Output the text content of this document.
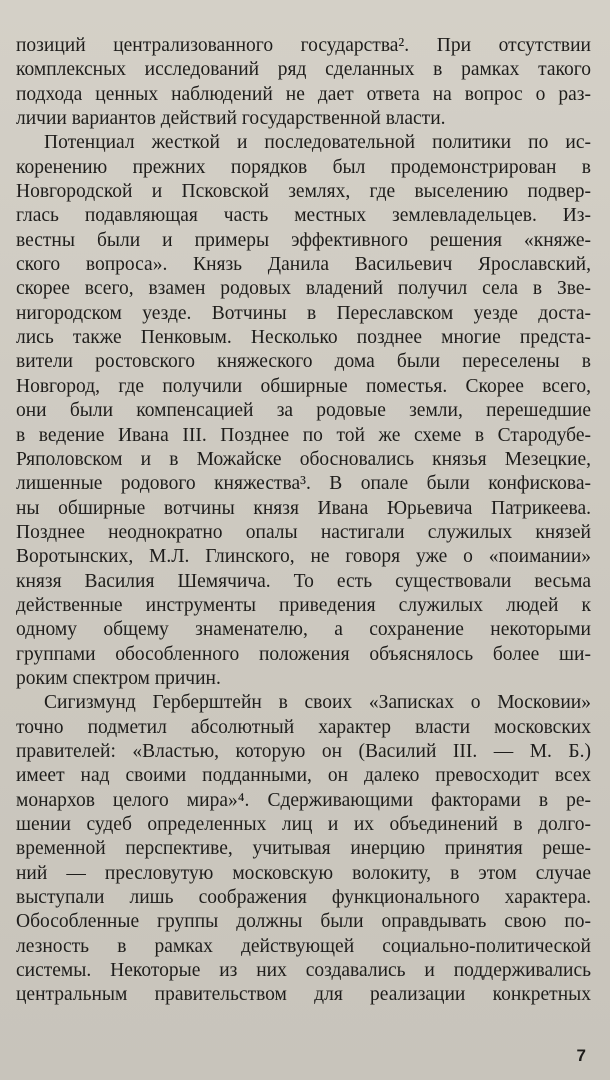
позиций централизованного государства². При отсутствии
комплексных исследований ряд сделанных в рамках такого
подхода ценных наблюдений не дает ответа на вопрос о раз-
личии вариантов действий государственной власти.
Потенциал жесткой и последовательной политики по ис-
коренению прежних порядков был продемонстрирован в
Новгородской и Псковской землях, где выселению подвер-
глась подавляющая часть местных землевладельцев. Из-
вестны были и примеры эффективного решения «княже-
ского вопроса». Князь Данила Васильевич Ярославский,
скорее всего, взамен родовых владений получил села в Зве-
нигородском уезде. Вотчины в Переславском уезде доста-
лись также Пенковым. Несколько позднее многие предста-
вители ростовского княжеского дома были переселены в
Новгород, где получили обширные поместья. Скорее всего,
они были компенсацией за родовые земли, перешедшие
в ведение Ивана III. Позднее по той же схеме в Стародубе-
Ряполовском и в Можайске обосновались князья Мезецкие,
лишенные родового княжества³. В опале были конфискова-
ны обширные вотчины князя Ивана Юрьевича Патрикеева.
Позднее неоднократно опалы настигали служилых князей
Воротынских, М.Л. Глинского, не говоря уже о «поимании»
князя Василия Шемячича. То есть существовали весьма
действенные инструменты приведения служилых людей к
одному общему знаменателю, а сохранение некоторыми
группами обособленного положения объяснялось более ши-
роким спектром причин.
Сигизмунд Герберштейн в своих «Записках о Московии»
точно подметил абсолютный характер власти московских
правителей: «Властью, которую он (Василий III. — М. Б.)
имеет над своими подданными, он далеко превосходит всех
монархов целого мира»⁴. Сдерживающими факторами в ре-
шении судеб определенных лиц и их объединений в долго-
временной перспективе, учитывая инерцию принятия реше-
ний — пресловутую московскую волокиту, в этом случае
выступали лишь соображения функционального характера.
Обособленные группы должны были оправдывать свою по-
лезность в рамках действующей социально-политической
системы. Некоторые из них создавались и поддерживались
центральным правительством для реализации конкретных
7
